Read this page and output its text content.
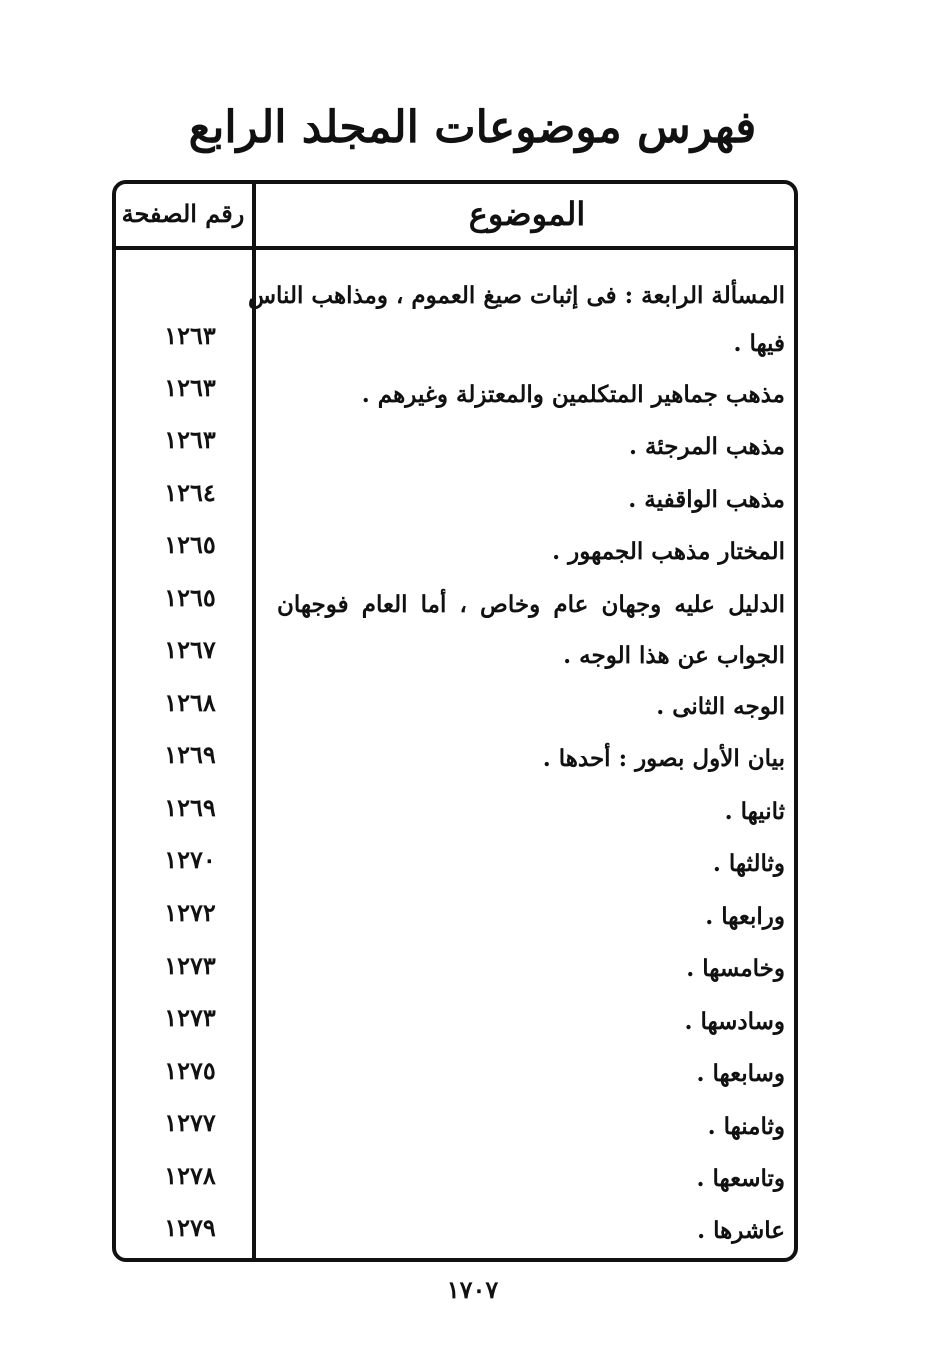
فهرس موضوعات المجلد الرابع
الموضوع
رقم الصفحة
المسألة الرابعة : فى إثبات صيغ العموم ، ومذاهب الناس
فيها .
١٢٦٣
مذهب جماهير المتكلمين والمعتزلة وغيرهم .
١٢٦٣
مذهب المرجئة .
١٢٦٣
مذهب الواقفية .
١٢٦٤
المختار مذهب الجمهور .
١٢٦٥
الدليل عليه وجهان عام وخاص ، أما العام فوجهان
١٢٦٥
الجواب عن هذا الوجه .
١٢٦٧
الوجه الثانى .
١٢٦٨
بيان الأول بصور : أحدها .
١٢٦٩
ثانيها .
١٢٦٩
وثالثها .
١٢٧٠
ورابعها .
١٢٧٢
وخامسها .
١٢٧٣
وسادسها .
١٢٧٣
وسابعها .
١٢٧٥
وثامنها .
١٢٧٧
وتاسعها .
١٢٧٨
عاشرها .
١٢٧٩
١٧٠٧
